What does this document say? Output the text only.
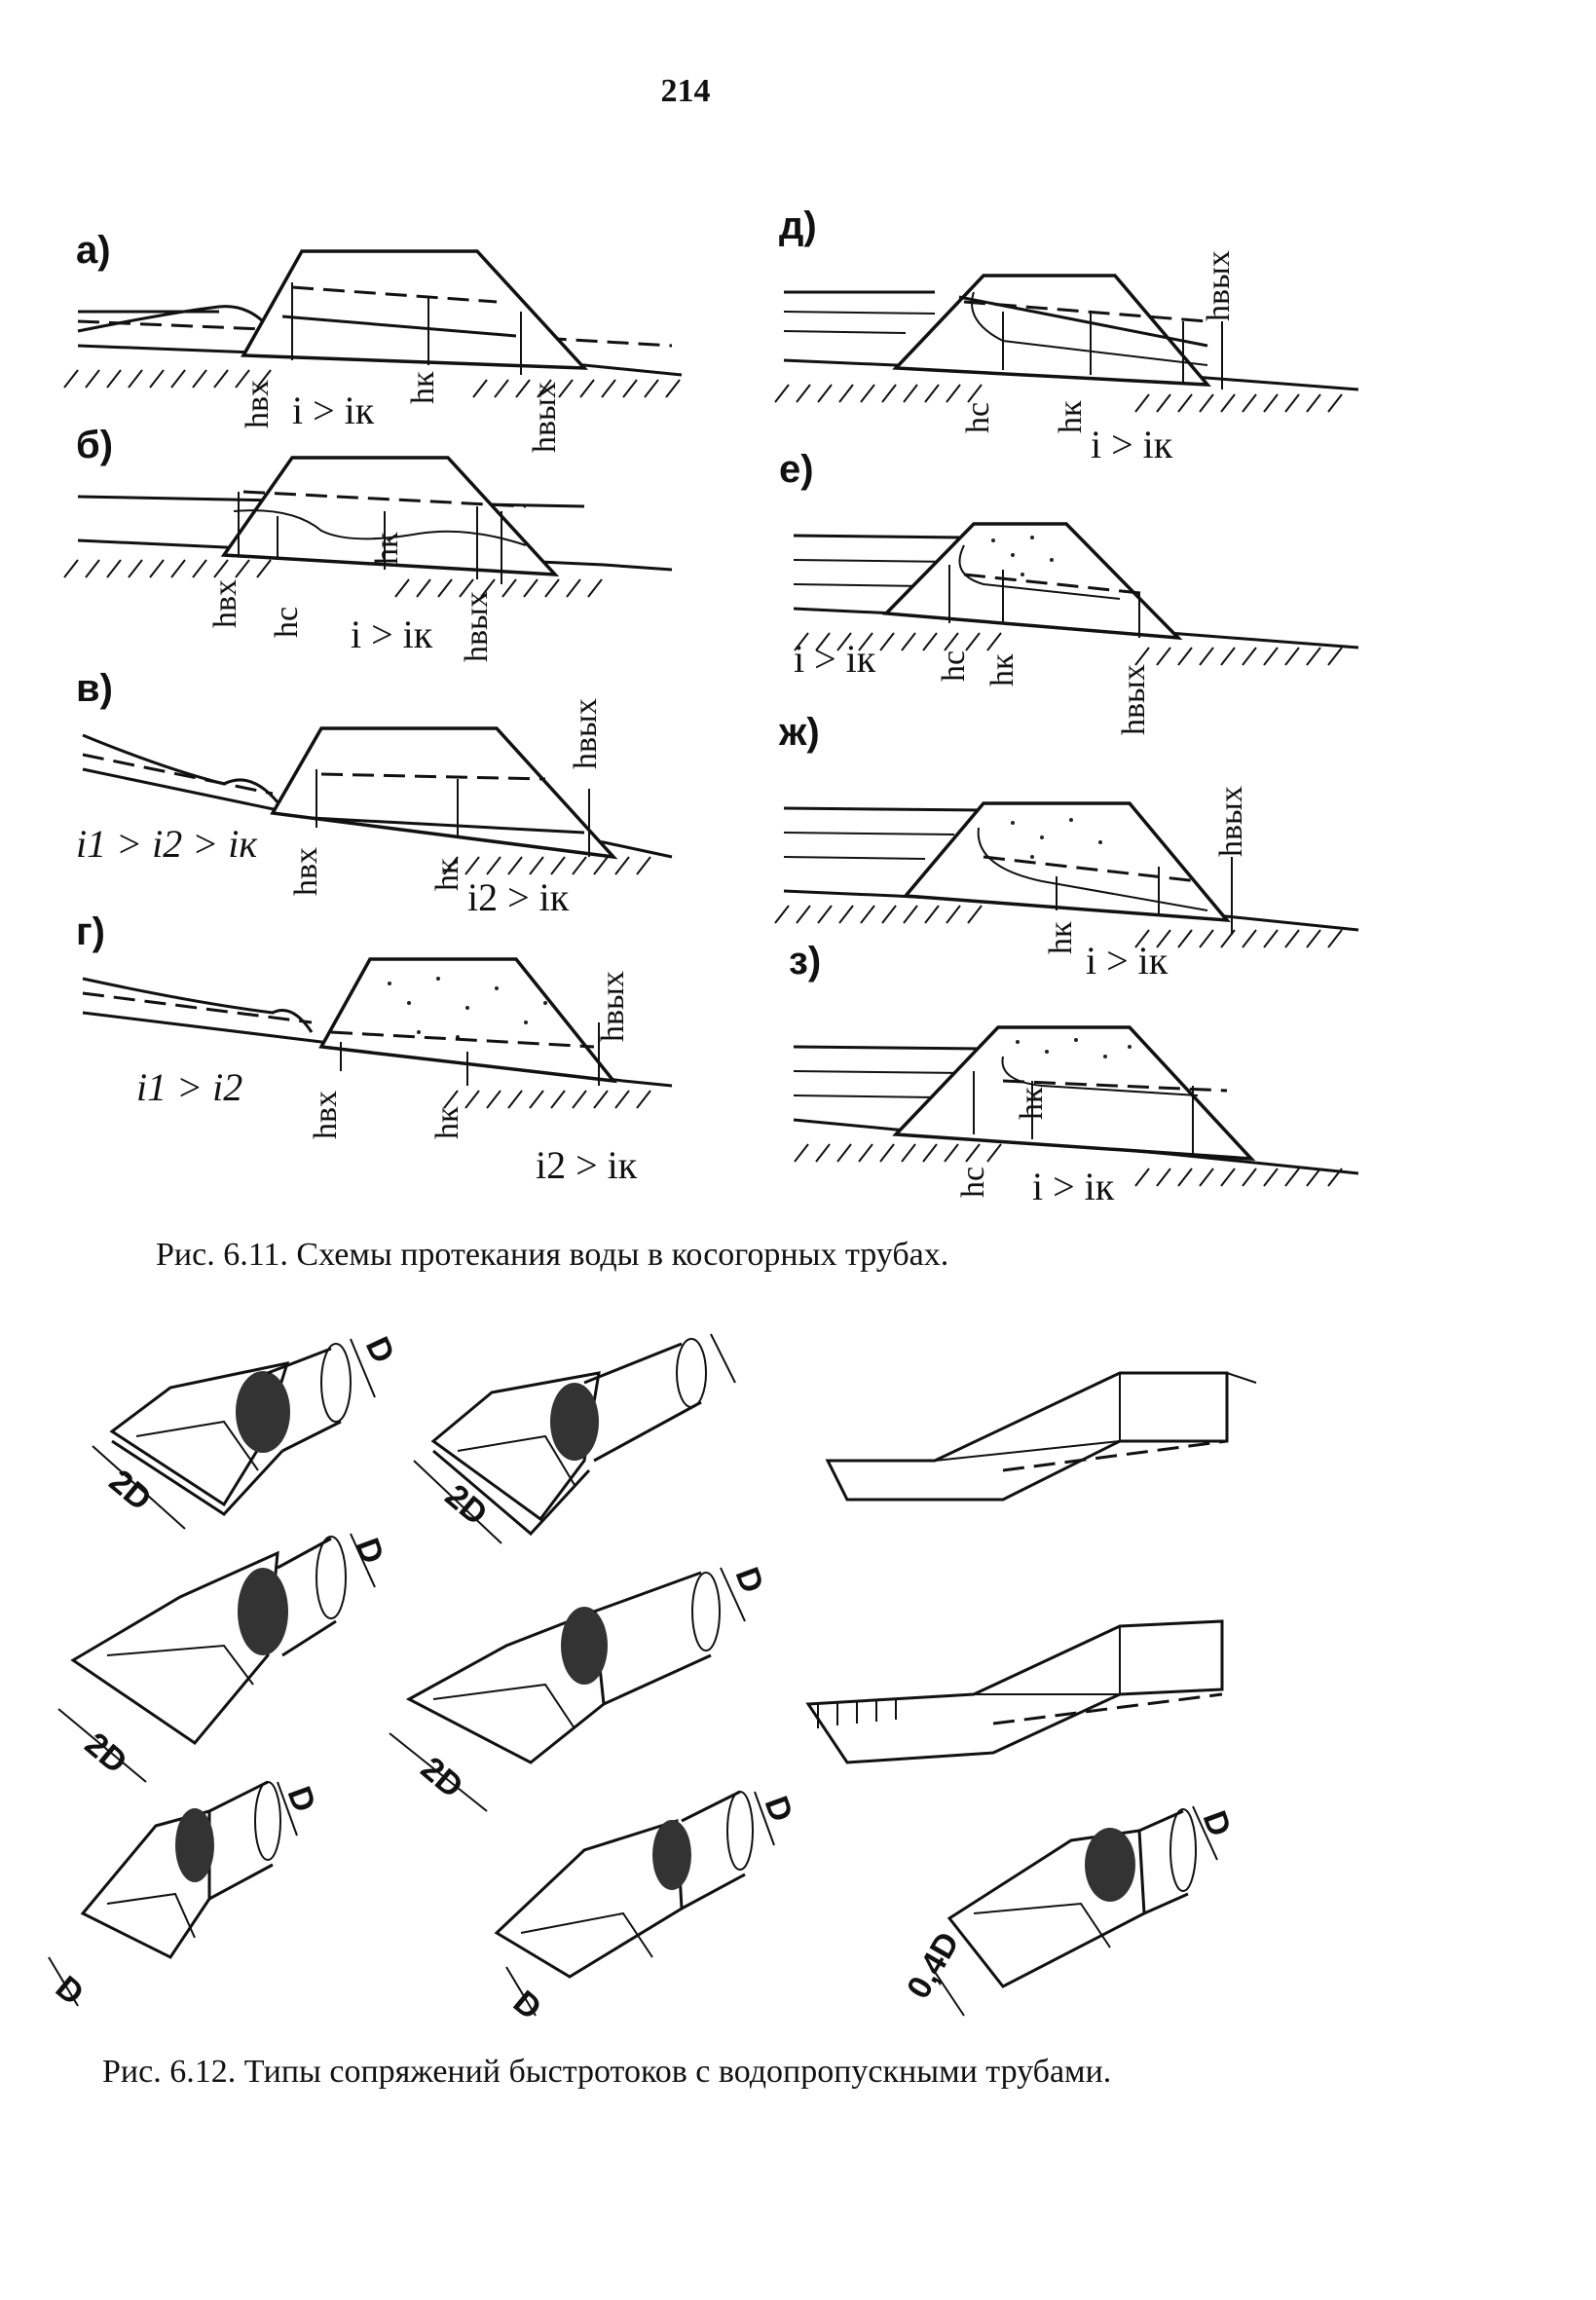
214
а)
hвх	hк	hвых
i > iк
б)
hвх hс
hк
hвых
i > iк
в)
hвх	hк
hвых
i1 > i2 > iк
i2 > iк
г)
hвх	hк
hвых
i1 > i2
i2 > iк
д)
hс hк
hвых
i > iк
е)
i > iк hс hк	hвых
ж)
hк
hвых
i > iк
з)
hс
hк
i > iк
D
2D	2D
D
2D
D
2D
D
D
D
D
D
0,4D
Рис. 6.11. Схемы протекания воды в косогорных трубах.
Рис. 6.12. Типы сопряжений быстротоков с водопропускными трубами.
